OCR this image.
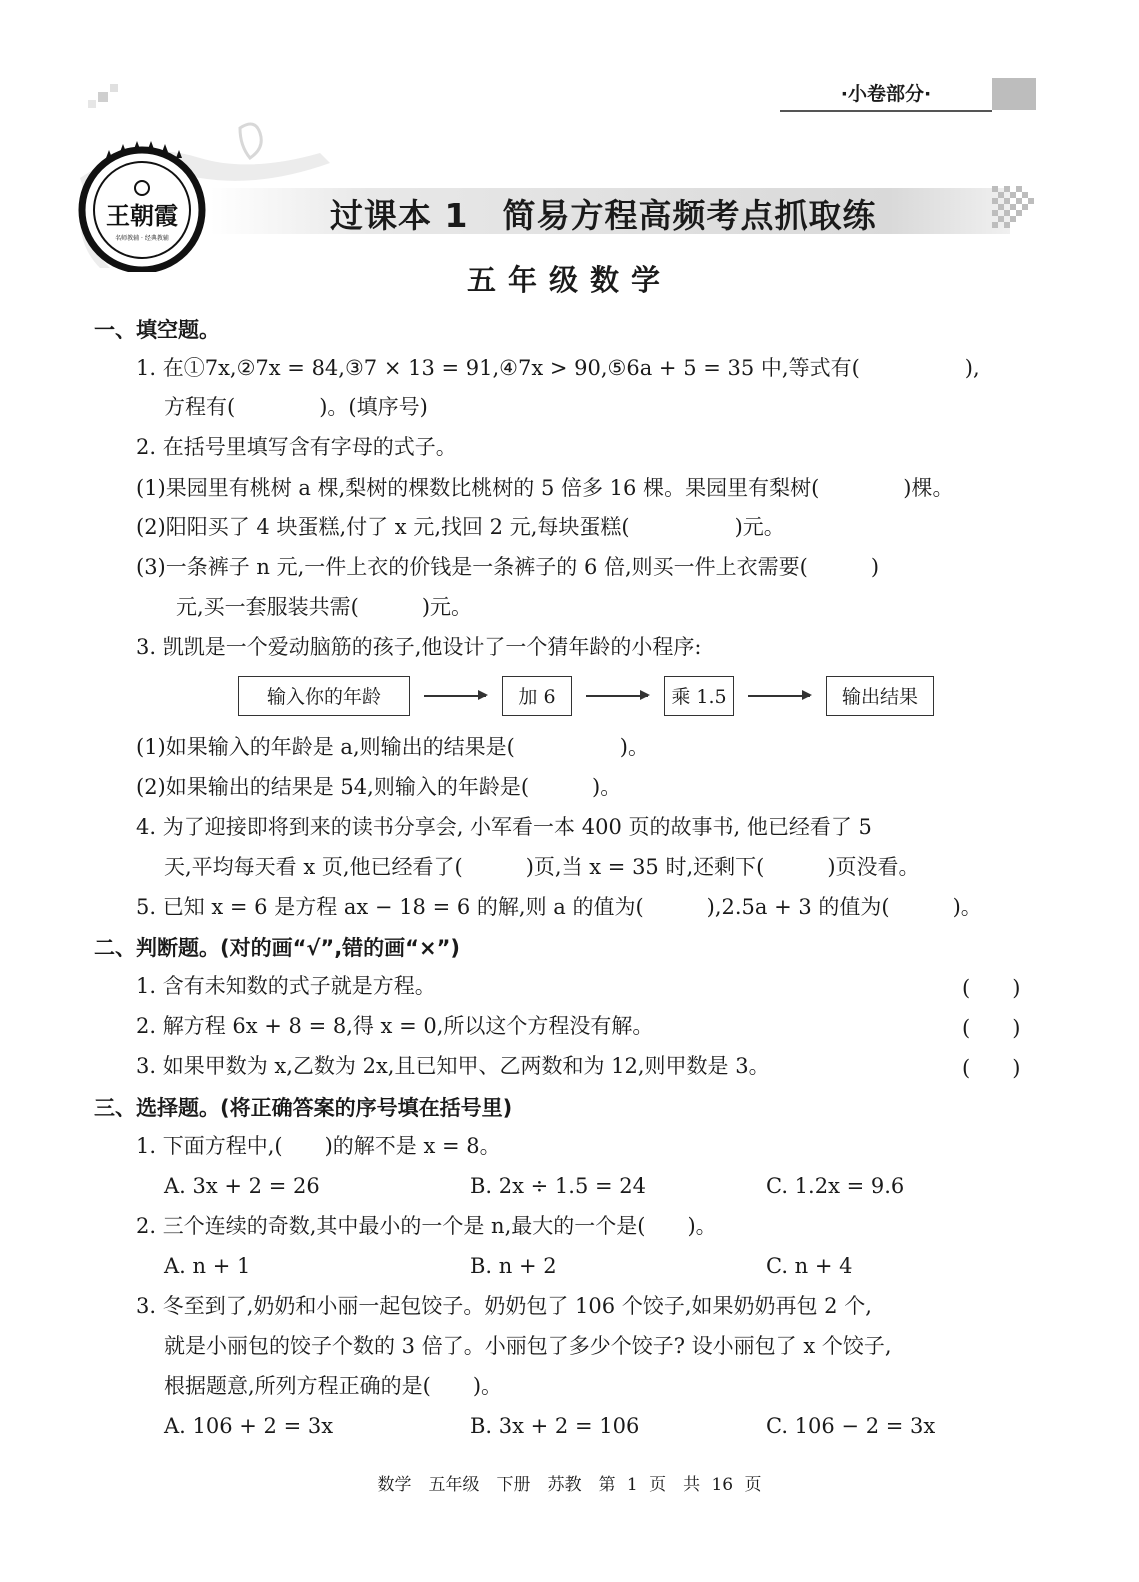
·小卷部分·
王朝霞
名师教辅 · 经典教辅
过课本 1　简易方程高频考点抓取练
五年级数学
一、填空题。
1. 在①7x,②7x = 84,③7 × 13 = 91,④7x > 90,⑤6a + 5 = 35 中,等式有(　　　　　),
方程有(　　　　)。(填序号)
2. 在括号里填写含有字母的式子。
(1)果园里有桃树 a 棵,梨树的棵数比桃树的 5 倍多 16 棵。果园里有梨树(　　　　)棵。
(2)阳阳买了 4 块蛋糕,付了 x 元,找回 2 元,每块蛋糕(　　　　　)元。
(3)一条裤子 n 元,一件上衣的价钱是一条裤子的 6 倍,则买一件上衣需要(　　　)
元,买一套服装共需(　　　)元。
3. 凯凯是一个爱动脑筋的孩子,他设计了一个猜年龄的小程序:
输入你的年龄	加 6	乘 1.5	输出结果
(1)如果输入的年龄是 a,则输出的结果是(　　　　　)。
(2)如果输出的结果是 54,则输入的年龄是(　　　)。
4. 为了迎接即将到来的读书分享会, 小军看一本 400 页的故事书, 他已经看了 5
天,平均每天看 x 页,他已经看了(　　　)页,当 x = 35 时,还剩下(　　　)页没看。
5. 已知 x = 6 是方程 ax − 18 = 6 的解,则 a 的值为(　　　),2.5a + 3 的值为(　　　)。
二、判断题。(对的画“√”,错的画“×”)
1. 含有未知数的式子就是方程。	(　　)
2. 解方程 6x + 8 = 8,得 x = 0,所以这个方程没有解。	(　　)
3. 如果甲数为 x,乙数为 2x,且已知甲、乙两数和为 12,则甲数是 3。	(　　)
三、选择题。(将正确答案的序号填在括号里)
1. 下面方程中,(　　)的解不是 x = 8。
A. 3x + 2 = 26	B. 2x ÷ 1.5 = 24	C. 1.2x = 9.6
2. 三个连续的奇数,其中最小的一个是 n,最大的一个是(　　)。
A. n + 1	B. n + 2	C. n + 4
3. 冬至到了,奶奶和小丽一起包饺子。奶奶包了 106 个饺子,如果奶奶再包 2 个,
就是小丽包的饺子个数的 3 倍了。小丽包了多少个饺子? 设小丽包了 x 个饺子,
根据题意,所列方程正确的是(　　)。
A. 106 + 2 = 3x	B. 3x + 2 = 106	C. 106 − 2 = 3x
数学　五年级　下册　苏教　第 1 页　共 16 页
